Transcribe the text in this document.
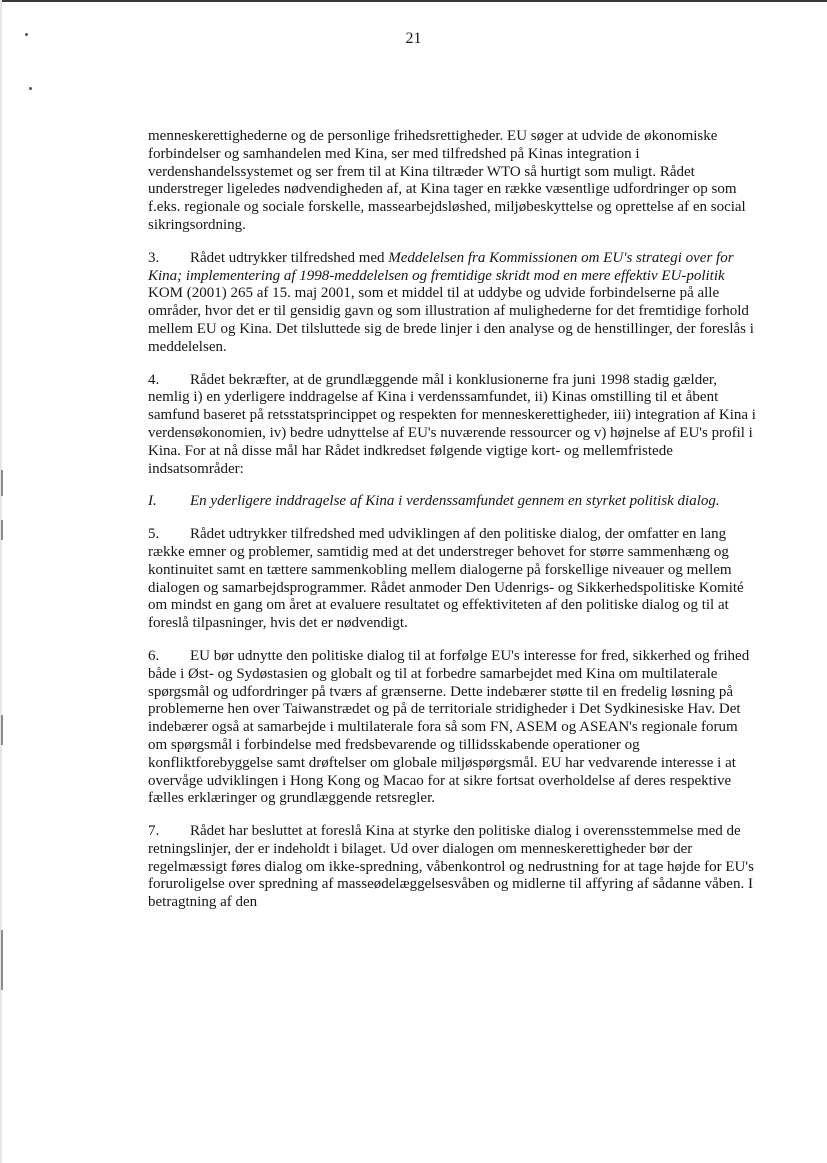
21

menneskerettighederne og de personlige frihedsrettigheder. EU søger at udvide de økonomiske forbindelser og samhandelen med Kina, ser med tilfredshed på Kinas integration i verdenshandelssystemet og ser frem til at Kina tiltræder WTO så hurtigt som muligt. Rådet understreger ligeledes nødvendigheden af, at Kina tager en række væsentlige udfordringer op som f.eks. regionale og sociale forskelle, massearbejdsløshed, miljøbeskyttelse og oprettelse af en social sikringsordning.

3. Rådet udtrykker tilfredshed med Meddelelsen fra Kommissionen om EU's strategi over for Kina; implementering af 1998-meddelelsen og fremtidige skridt mod en mere effektiv EU-politik KOM (2001) 265 af 15. maj 2001, som et middel til at uddybe og udvide forbindelserne på alle områder, hvor det er til gensidig gavn og som illustration af mulighederne for det fremtidige forhold mellem EU og Kina. Det tilsluttede sig de brede linjer i den analyse og de henstillinger, der foreslås i meddelelsen.

4. Rådet bekræfter, at de grundlæggende mål i konklusionerne fra juni 1998 stadig gælder, nemlig i) en yderligere inddragelse af Kina i verdenssamfundet, ii) Kinas omstilling til et åbent samfund baseret på retsstatsprincippet og respekten for menneskerettigheder, iii) integration af Kina i verdensøkonomien, iv) bedre udnyttelse af EU's nuværende ressourcer og v) højnelse af EU's profil i Kina. For at nå disse mål har Rådet indkredset følgende vigtige kort- og mellemfristede indsatsområder:

I. En yderligere inddragelse af Kina i verdenssamfundet gennem en styrket politisk dialog.

5. Rådet udtrykker tilfredshed med udviklingen af den politiske dialog, der omfatter en lang række emner og problemer, samtidig med at det understreger behovet for større sammenhæng og kontinuitet samt en tættere sammenkobling mellem dialogerne på forskellige niveauer og mellem dialogen og samarbejdsprogrammer. Rådet anmoder Den Udenrigs- og Sikkerhedspolitiske Komité om mindst en gang om året at evaluere resultatet og effektiviteten af den politiske dialog og til at foreslå tilpasninger, hvis det er nødvendigt.

6. EU bør udnytte den politiske dialog til at forfølge EU's interesse for fred, sikkerhed og frihed både i Øst- og Sydøstasien og globalt og til at forbedre samarbejdet med Kina om multilaterale spørgsmål og udfordringer på tværs af grænserne. Dette indebærer støtte til en fredelig løsning på problemerne hen over Taiwanstrædet og på de territoriale stridigheder i Det Sydkinesiske Hav. Det indebærer også at samarbejde i multilaterale fora så som FN, ASEM og ASEAN's regionale forum om spørgsmål i forbindelse med fredsbevarende og tillidsskabende operationer og konfliktforebyggelse samt drøftelser om globale miljøspørgsmål. EU har vedvarende interesse i at overvåge udviklingen i Hong Kong og Macao for at sikre fortsat overholdelse af deres respektive fælles erklæringer og grundlæggende retsregler.

7. Rådet har besluttet at foreslå Kina at styrke den politiske dialog i overensstemmelse med de retningslinjer, der er indeholdt i bilaget. Ud over dialogen om menneskerettigheder bør der regelmæssigt føres dialog om ikke-spredning, våbenkontrol og nedrustning for at tage højde for EU's foruroligelse over spredning af masseødelæggelsesvåben og midlerne til affyring af sådanne våben. I betragtning af den
